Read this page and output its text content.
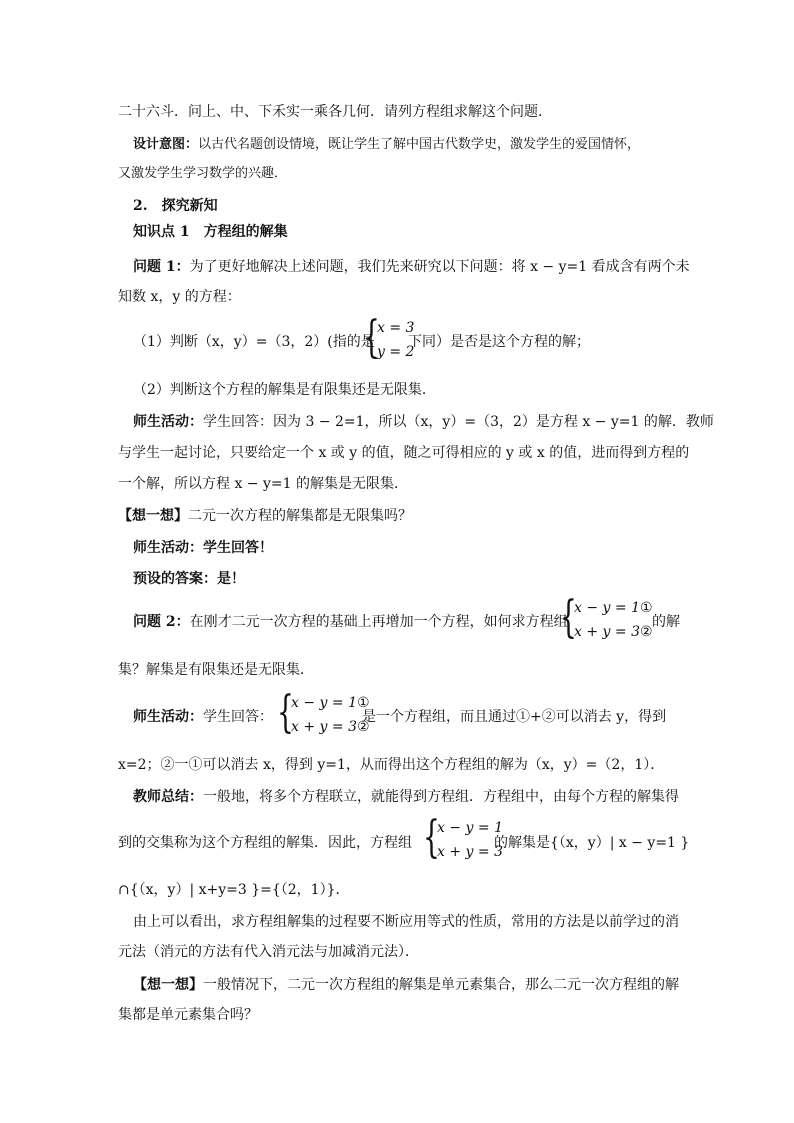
二十六斗．问上、中、下禾实一乘各几何．请列方程组求解这个问题．
设计意图：以古代名题创设情境，既让学生了解中国古代数学史，激发学生的爱国情怀，
又激发学生学习数学的兴趣．
2.　探究新知
知识点 1　方程组的解集
问题 1：为了更好地解决上述问题，我们先来研究以下问题：将 x − y=1 看成含有两个未
知数 x，y 的方程：
（1）判断（x，y）=（3，2）(指的是
{
x = 3
y = 2
下同）是否是这个方程的解；
（2）判断这个方程的解集是有限集还是无限集．
师生活动：学生回答：因为 3 − 2=1，所以（x，y）=（3，2）是方程 x − y=1 的解．教师
与学生一起讨论，只要给定一个 x 或 y 的值，随之可得相应的 y 或 x 的值，进而得到方程的
一个解，所以方程 x − y=1 的解集是无限集．
【想一想】二元一次方程的解集都是无限集吗？
师生活动：学生回答！
预设的答案：是！
问题 2：在刚才二元一次方程的基础上再增加一个方程，如何求方程组
{
x − y = 1①
x + y = 3②
的解
集？解集是有限集还是无限集．
师生活动：学生回答： {
x − y = 1①
x + y = 3②
是一个方程组，而且通过①+②可以消去 y，得到
x=2；②一①可以消去 x，得到 y=1，从而得出这个方程组的解为（x，y）=（2，1）．
教师总结：一般地，将多个方程联立，就能得到方程组．方程组中，由每个方程的解集得
到的交集称为这个方程组的解集．因此，方程组 {
x − y = 1
x + y = 3
的解集是{（x，y）| x − y=1 }
∩{（x，y）| x+y=3 }={（2，1）}．
由上可以看出，求方程组解集的过程要不断应用等式的性质，常用的方法是以前学过的消
元法（消元的方法有代入消元法与加减消元法）．
【想一想】一般情况下，二元一次方程组的解集是单元素集合，那么二元一次方程组的解
集都是单元素集合吗？
